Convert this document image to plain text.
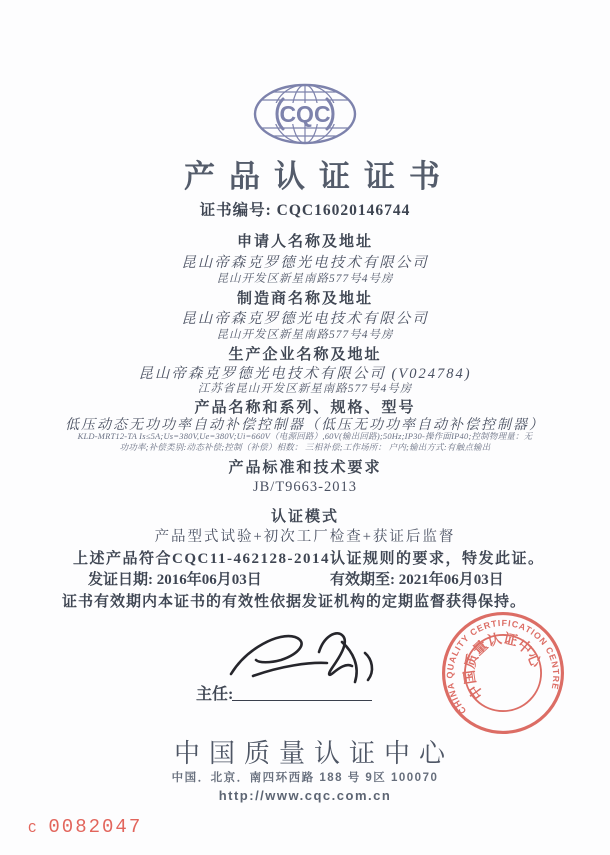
CQC
产品认证证书
证书编号: CQC16020146744
申请人名称及地址
昆山帝森克罗德光电技术有限公司
昆山开发区新星南路577号4号房
制造商名称及地址
昆山帝森克罗德光电技术有限公司
昆山开发区新星南路577号4号房
生产企业名称及地址
昆山帝森克罗德光电技术有限公司 (V024784)
江苏省昆山开发区新星南路577号4号房
产品名称和系列、规格、型号
低压动态无功功率自动补偿控制器（低压无功功率自动补偿控制器）
KLD-MRT12-TA Is≤5A;Us=380V,Ue=380V;Ui=660V（电源回路）,60V(输出回路);50Hz;IP30-操作面IP40;控制物理量：无功功率;补偿类别:动态补偿;控制（补偿）相数： 三相补偿;工作场所： 户内;输出方式:有触点输出
产品标准和技术要求
JB/T9663-2013
认证模式
产品型式试验+初次工厂检查+获证后监督
上述产品符合CQC11-462128-2014认证规则的要求，特发此证。
发证日期: 2016年06月03日	有效期至: 2021年06月03日
证书有效期内本证书的有效性依据发证机构的定期监督获得保持。
主任:
CHINA QUALITY CERTIFICATION CENTRE
中国质量认证中心
中国质量认证中心
中国．北京．南四环西路 188 号 9区 100070
http://www.cqc.com.cn
C 0082047
